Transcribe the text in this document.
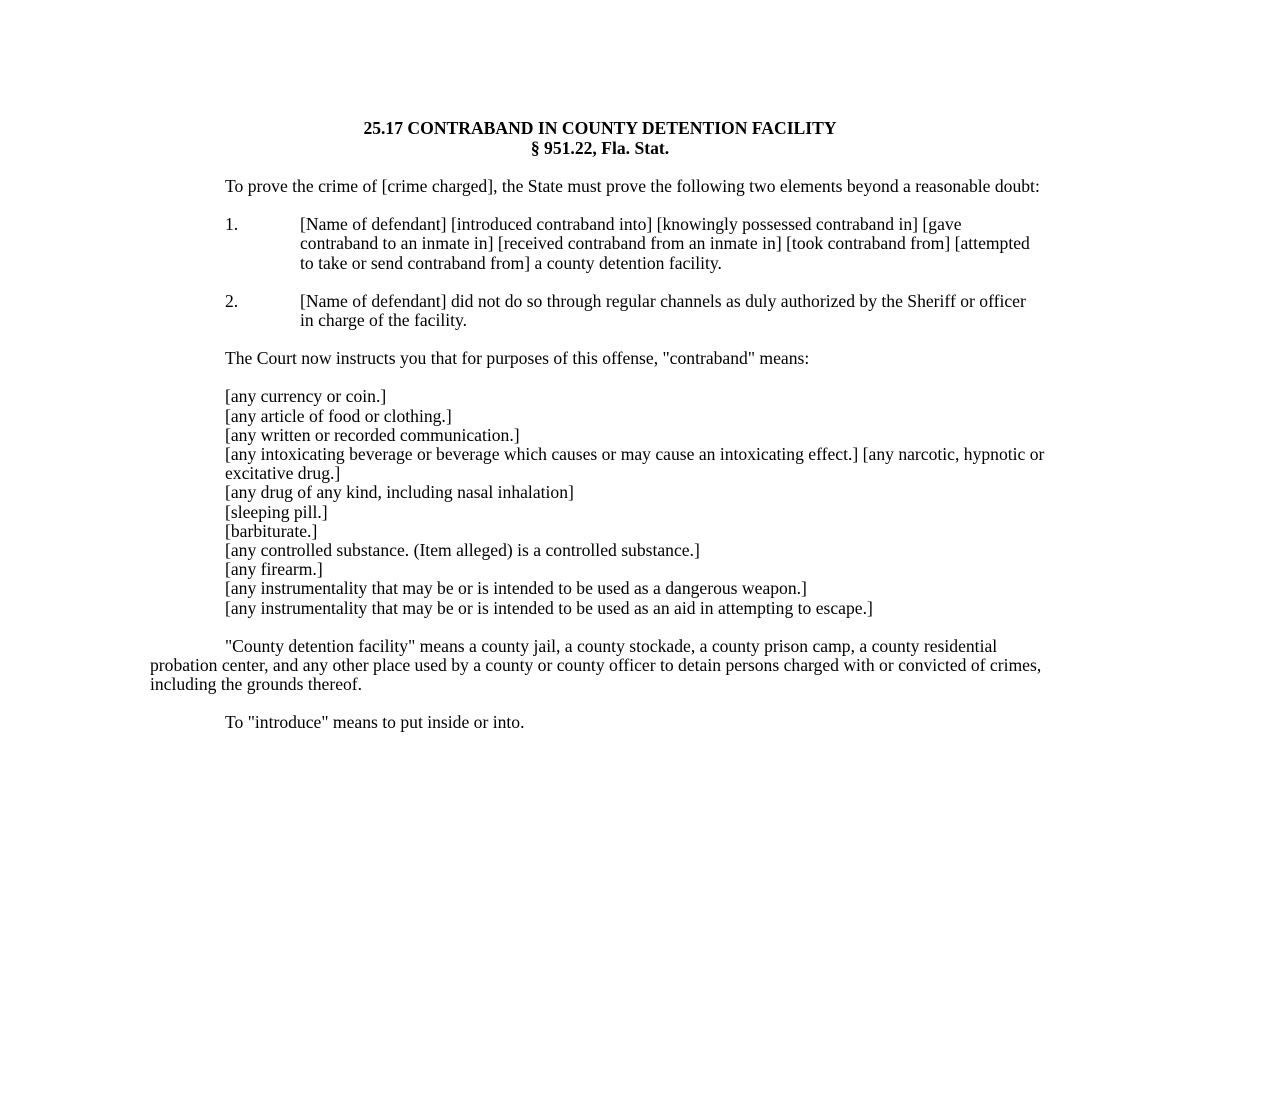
25.17 CONTRABAND IN COUNTY DETENTION FACILITY
§ 951.22, Fla. Stat.
To prove the crime of [crime charged], the State must prove the following two elements beyond a reasonable doubt:
1.	[Name of defendant] [introduced contraband into] [knowingly possessed contraband in] [gave contraband to an inmate in] [received contraband from an inmate in] [took contraband from] [attempted to take or send contraband from] a county detention facility.
2.	[Name of defendant] did not do so through regular channels as duly authorized by the Sheriff or officer in charge of the facility.
The Court now instructs you that for purposes of this offense, "contraband" means:
[any currency or coin.]
[any article of food or clothing.]
[any written or recorded communication.]
[any intoxicating beverage or beverage which causes or may cause an intoxicating effect.] [any narcotic, hypnotic or excitative drug.]
[any drug of any kind, including nasal inhalation]
[sleeping pill.]
[barbiturate.]
[any controlled substance. (Item alleged) is a controlled substance.]
[any firearm.]
[any instrumentality that may be or is intended to be used as a dangerous weapon.]
[any instrumentality that may be or is intended to be used as an aid in attempting to escape.]
"County detention facility" means a county jail, a county stockade, a county prison camp, a county residential probation center, and any other place used by a county or county officer to detain persons charged with or convicted of crimes, including the grounds thereof.
To "introduce" means to put inside or into.
